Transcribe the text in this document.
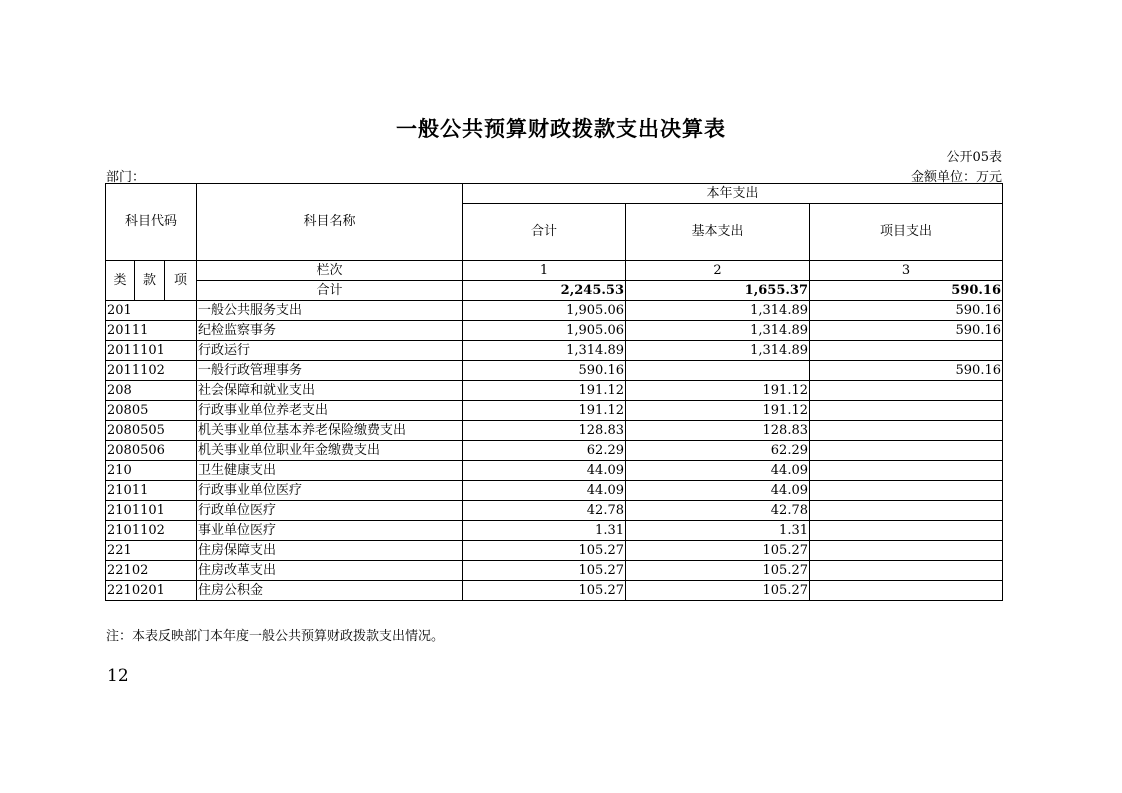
一般公共预算财政拨款支出决算表
公开05表
部门：	金额单位：万元
科目代码			科目名称	本年支出		
				合计	基本支出	项目支出

类	款	项	栏次	1	2	3
			合计	2,245.53	1,655.37	590.16
201			一般公共服务支出	1,905.06	1,314.89	590.16
20111			纪检监察事务	1,905.06	1,314.89	590.16
2011101			行政运行	1,314.89	1,314.89	
2011102			一般行政管理事务	590.16		590.16
208			社会保障和就业支出	191.12	191.12	
20805			行政事业单位养老支出	191.12	191.12	
2080505			机关事业单位基本养老保险缴费支出	128.83	128.83	
2080506			机关事业单位职业年金缴费支出	62.29	62.29	
210			卫生健康支出	44.09	44.09	
21011			行政事业单位医疗	44.09	44.09	
2101101			行政单位医疗	42.78	42.78	
2101102			事业单位医疗	1.31	1.31	
221			住房保障支出	105.27	105.27	
22102			住房改革支出	105.27	105.27	
2210201			住房公积金	105.27	105.27	
注：本表反映部门本年度一般公共预算财政拨款支出情况。
12
